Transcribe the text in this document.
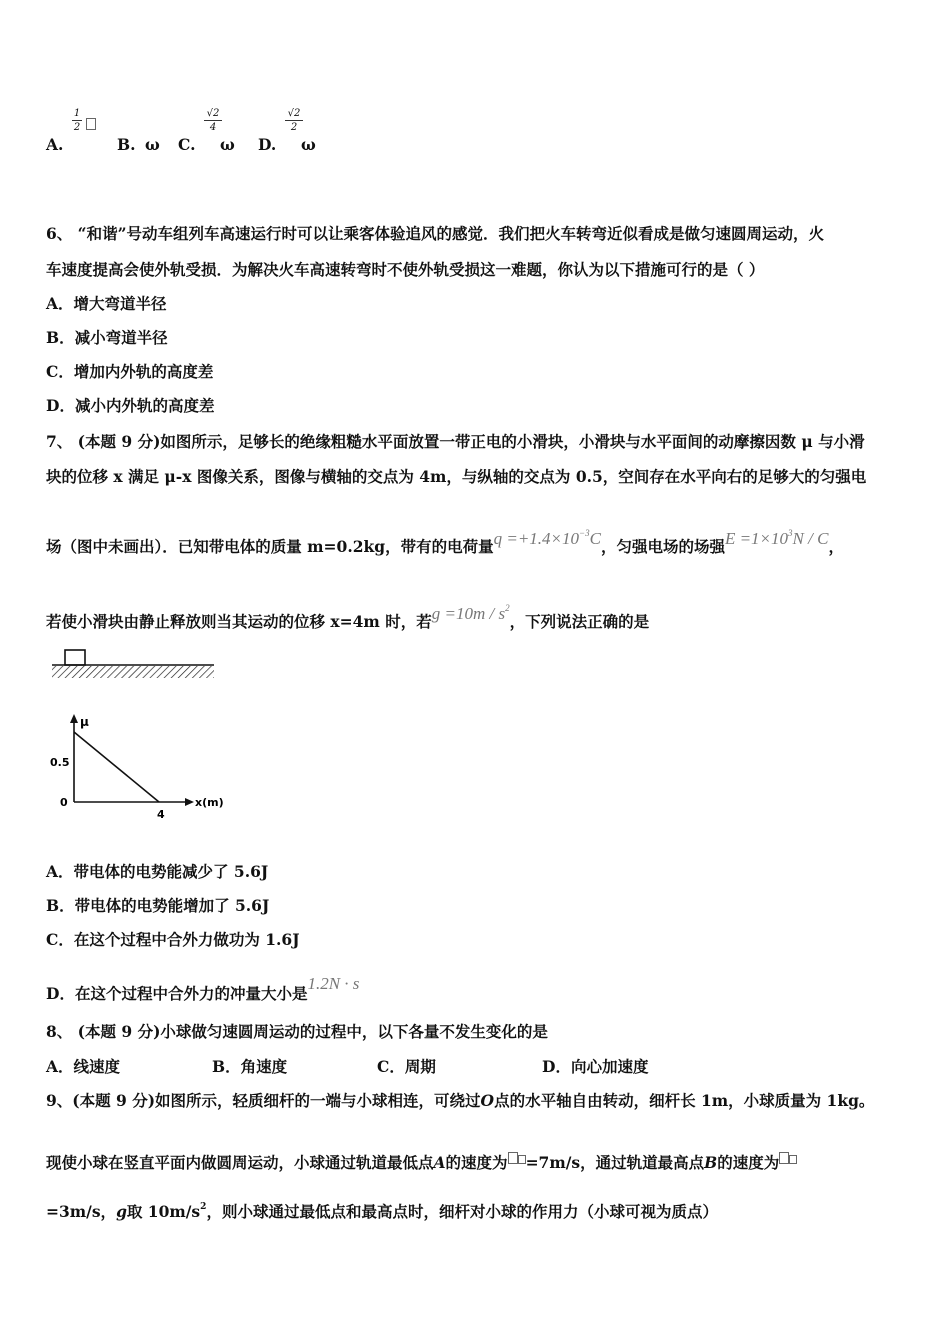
A.
1
2
B. ω C.
√2
4
ω D.
√2
2
ω
6、 “和谐”号动车组列车高速运行时可以让乘客体验追风的感觉．我们把火车转弯近似看成是做匀速圆周运动，火
车速度提高会使外轨受损．为解决火车高速转弯时不使外轨受损这一难题，你认为以下措施可行的是（ ）
A．增大弯道半径
B．减小弯道半径
C．增加内外轨的高度差
D．减小内外轨的高度差
7、 (本题 9 分)如图所示，足够长的绝缘粗糙水平面放置一带正电的小滑块，小滑块与水平面间的动摩擦因数 μ 与小滑
块的位移 x 满足 μ-x 图像关系，图像与横轴的交点为 4m，与纵轴的交点为 0.5，空间存在水平向右的足够大的匀强电
场（图中未画出）．已知带电体的质量 m=0.2kg，带有的电荷量$q =+1.4\times 10^{-3}C$，匀强电场的场强$E =1\times 10^3N / C$，
若使小滑块由静止释放则当其运动的位移 x=4m 时，若$g =10m / s^2$，下列说法正确的是
μ
x(m)
0.5
0
4
A．带电体的电势能减少了 5.6J
B．带电体的电势能增加了 5.6J
C．在这个过程中合外力做功为 1.6J
D．在这个过程中合外力的冲量大小是1.2N · s
8、 (本题 9 分)小球做匀速圆周运动的过程中，以下各量不发生变化的是
A．线速度	B．角速度	C．周期	D．向心加速度
9、(本题 9 分)如图所示，轻质细杆的一端与小球相连，可绕过O点的水平轴自由转动，细杆长 1m，小球质量为 1kg。
现使小球在竖直平面内做圆周运动，小球通过轨道最低点A的速度为 =7m/s，通过轨道最高点B的速度为
=3m/s，g取 $10m/s^2$，则小球通过最低点和最高点时，细杆对小球的作用力（小球可视为质点）
